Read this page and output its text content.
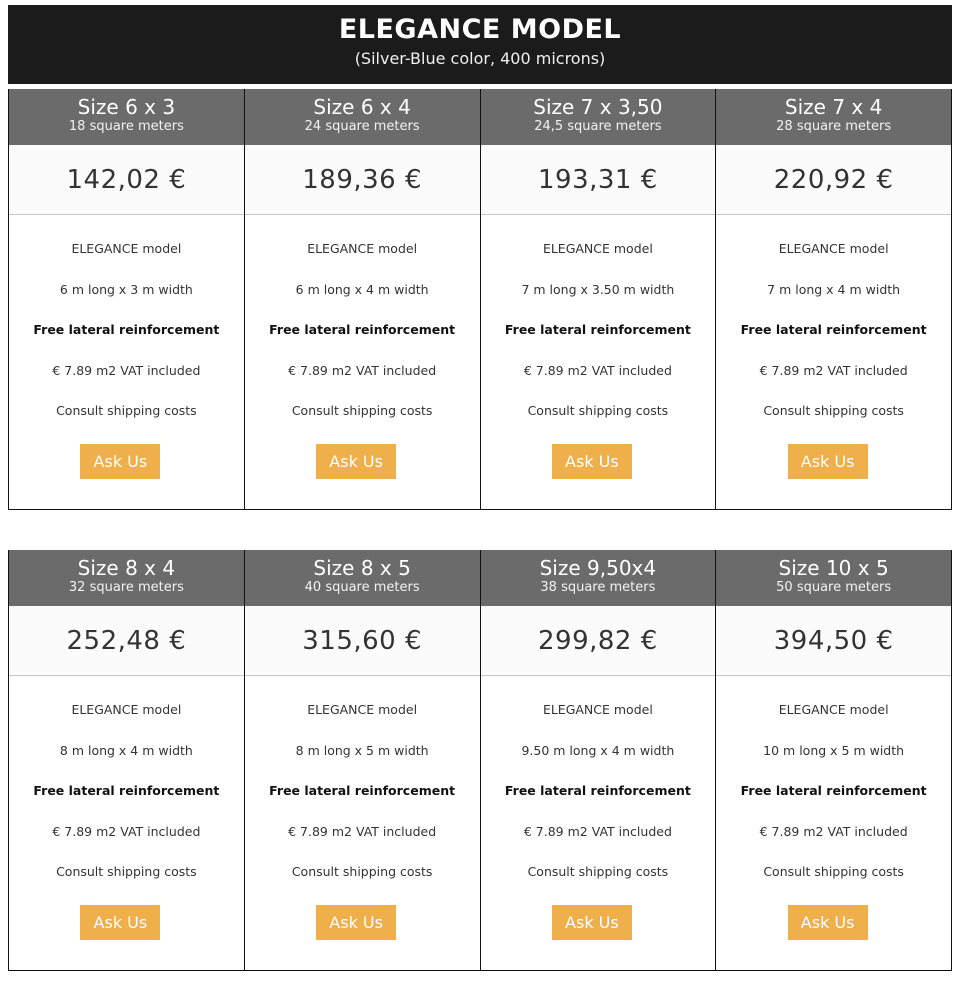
ELEGANCE MODEL
(Silver-Blue color, 400 microns)
Size 6 x 3
18 square meters
142,02 €
ELEGANCE model
6 m long x 3 m width
Free lateral reinforcement
€ 7.89 m2 VAT included
Consult shipping costs
Ask Us
Size 6 x 4
24 square meters
189,36 €
ELEGANCE model
6 m long x 4 m width
Free lateral reinforcement
€ 7.89 m2 VAT included
Consult shipping costs
Ask Us
Size 7 x 3,50
24,5 square meters
193,31 €
ELEGANCE model
7 m long x 3.50 m width
Free lateral reinforcement
€ 7.89 m2 VAT included
Consult shipping costs
Ask Us
Size 7 x 4
28 square meters
220,92 €
ELEGANCE model
7 m long x 4 m width
Free lateral reinforcement
€ 7.89 m2 VAT included
Consult shipping costs
Ask Us
Size 8 x 4
32 square meters
252,48 €
ELEGANCE model
8 m long x 4 m width
Free lateral reinforcement
€ 7.89 m2 VAT included
Consult shipping costs
Ask Us
Size 8 x 5
40 square meters
315,60 €
ELEGANCE model
8 m long x 5 m width
Free lateral reinforcement
€ 7.89 m2 VAT included
Consult shipping costs
Ask Us
Size 9,50x4
38 square meters
299,82 €
ELEGANCE model
9.50 m long x 4 m width
Free lateral reinforcement
€ 7.89 m2 VAT included
Consult shipping costs
Ask Us
Size 10 x 5
50 square meters
394,50 €
ELEGANCE model
10 m long x 5 m width
Free lateral reinforcement
€ 7.89 m2 VAT included
Consult shipping costs
Ask Us
